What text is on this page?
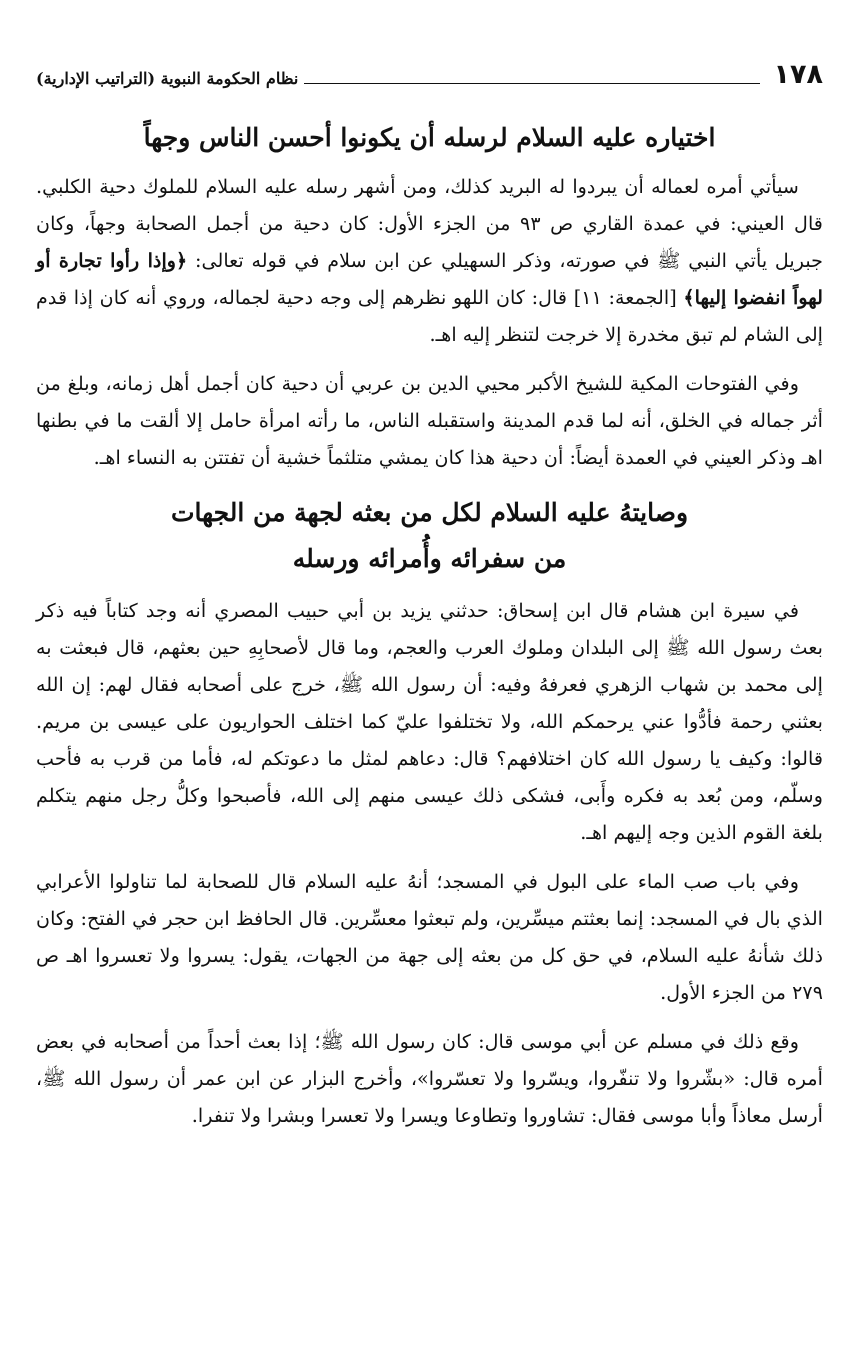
١٧٨
نظام الحكومة النبوية (التراتيب الإدارية)
اختياره عليه السلام لرسله أن يكونوا أحسن الناس وجهاً

سيأتي أمره لعماله أن يبردوا له البريد كذلك، ومن أشهر رسله عليه السلام للملوك دحية الكلبي. قال العيني: في عمدة القاري ص ٩٣ من الجزء الأول: كان دحية من أجمل الصحابة وجهاً، وكان جبريل يأتي النبي ﷺ في صورته، وذكر السهيلي عن ابن سلام في قوله تعالى: ﴿وإذا رأوا تجارة أو لهواً انفضوا إليها﴾ [الجمعة: ١١] قال: كان اللهو نظرهم إلى وجه دحية لجماله، وروي أنه كان إذا قدم إلى الشام لم تبق مخدرة إلا خرجت لتنظر إليه اهـ.

وفي الفتوحات المكية للشيخ الأكبر محيي الدين بن عربي أن دحية كان أجمل أهل زمانه، وبلغ من أثر جماله في الخلق، أنه لما قدم المدينة واستقبله الناس، ما رأته امرأة حامل إلا ألقت ما في بطنها اهـ وذكر العيني في العمدة أيضاً: أن دحية هذا كان يمشي متلثماً خشية أن تفتتن به النساء اهـ.

وصايتهُ عليه السلام لكل من بعثه لجهة من الجهات
من سفرائه وأُمرائه ورسله

في سيرة ابن هشام قال ابن إسحاق: حدثني يزيد بن أبي حبيب المصري أنه وجد كتاباً فيه ذكر بعث رسول الله ﷺ إلى البلدان وملوك العرب والعجم، وما قال لأصحابِهِ حين بعثهم، قال فبعثت به إلى محمد بن شهاب الزهري فعرفهُ وفيه: أن رسول الله ﷺ، خرج على أصحابه فقال لهم: إن الله بعثني رحمة فأدُّوا عني يرحمكم الله، ولا تختلفوا عليّ كما اختلف الحواريون على عيسى بن مريم. قالوا: وكيف يا رسول الله كان اختلافهم؟ قال: دعاهم لمثل ما دعوتكم له، فأما من قرب به فأحب وسلّم، ومن بُعد به فكره وأَبى، فشكى ذلك عيسى منهم إلى الله، فأصبحوا وكلُّ رجل منهم يتكلم بلغة القوم الذين وجه إليهم اهـ.

وفي باب صب الماء على البول في المسجد؛ أنهُ عليه السلام قال للصحابة لما تناولوا الأعرابي الذي بال في المسجد: إنما بعثتم ميسِّرين، ولم تبعثوا معسِّرين. قال الحافظ ابن حجر في الفتح: وكان ذلك شأنهُ عليه السلام، في حق كل من بعثه إلى جهة من الجهات، يقول: يسروا ولا تعسروا اهـ ص ٢٧٩ من الجزء الأول.

وقع ذلك في مسلم عن أبي موسى قال: كان رسول الله ﷺ؛ إذا بعث أحداً من أصحابه في بعض أمره قال: «بشّروا ولا تنفّروا، ويسّروا ولا تعسّروا»، وأخرج البزار عن ابن عمر أن رسول الله ﷺ، أرسل معاذاً وأبا موسى فقال: تشاوروا وتطاوعا ويسرا ولا تعسرا وبشرا ولا تنفرا.
